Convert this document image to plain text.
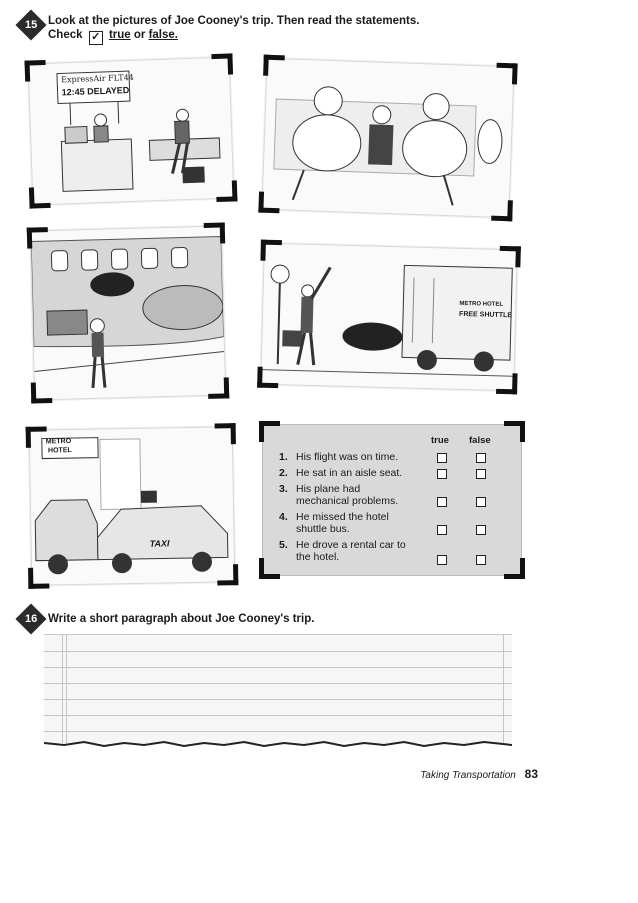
15 Look at the pictures of Joe Cooney's trip. Then read the statements.
Check ✓ true or false.
ExpressAir FLT44
12:45 DELAYED
METRO HOTEL
FREE SHUTTLE
METRO
HOTEL
TAXI
true false
1. His flight was on time.
2. He sat in an aisle seat.
3. His plane had mechanical problems.
4. He missed the hotel shuttle bus.
5. He drove a rental car to the hotel.
16 Write a short paragraph about Joe Cooney's trip.
Taking Transportation 83
